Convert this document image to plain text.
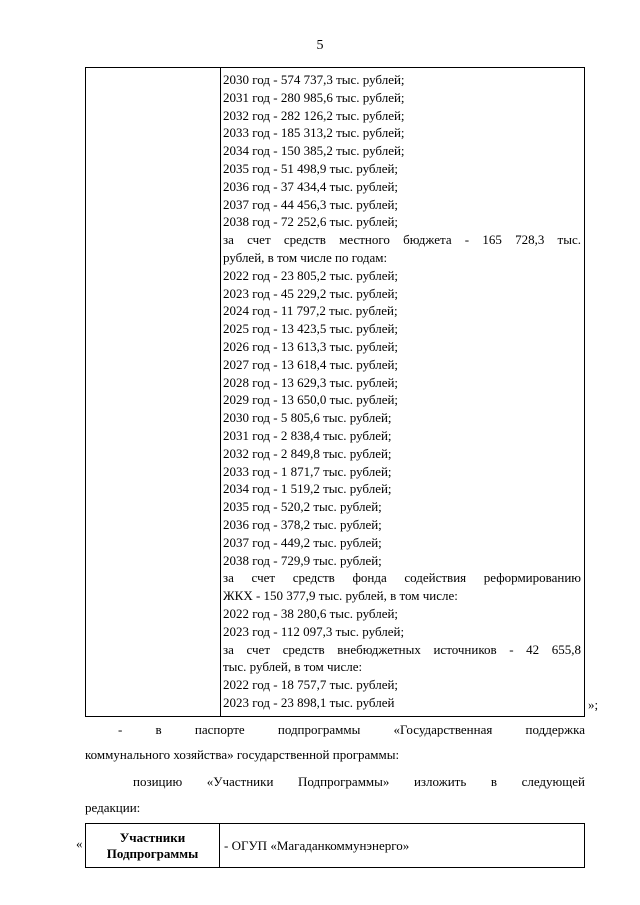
5
2030 год - 574 737,3 тыс. рублей;
2031 год - 280 985,6 тыс. рублей;
2032 год - 282 126,2 тыс. рублей;
2033 год - 185 313,2 тыс. рублей;
2034 год - 150 385,2 тыс. рублей;
2035 год - 51 498,9 тыс. рублей;
2036 год - 37 434,4 тыс. рублей;
2037 год - 44 456,3 тыс. рублей;
2038 год - 72 252,6 тыс. рублей;
за счет средств местного бюджета - 165 728,3 тыс.
рублей, в том числе по годам:
2022 год - 23 805,2 тыс. рублей;
2023 год - 45 229,2 тыс. рублей;
2024 год - 11 797,2 тыс. рублей;
2025 год - 13 423,5 тыс. рублей;
2026 год - 13 613,3 тыс. рублей;
2027 год - 13 618,4 тыс. рублей;
2028 год - 13 629,3 тыс. рублей;
2029 год - 13 650,0 тыс. рублей;
2030 год - 5 805,6 тыс. рублей;
2031 год - 2 838,4 тыс. рублей;
2032 год - 2 849,8 тыс. рублей;
2033 год - 1 871,7 тыс. рублей;
2034 год - 1 519,2 тыс. рублей;
2035 год - 520,2 тыс. рублей;
2036 год - 378,2 тыс. рублей;
2037 год - 449,2 тыс. рублей;
2038 год - 729,9 тыс. рублей;
за счет средств фонда содействия реформированию
ЖКХ - 150 377,9 тыс. рублей, в том числе:
2022 год - 38 280,6 тыс. рублей;
2023 год - 112 097,3 тыс. рублей;
за счет средств внебюджетных источников - 42 655,8
тыс. рублей, в том числе:
2022 год - 18 757,7 тыс. рублей;
2023 год - 23 898,1 тыс. рублей	»;
- в паспорте подпрограммы «Государственная поддержка
коммунального хозяйства» государственной программы:
позицию «Участники Подпрограммы» изложить в следующей
редакции:
«	Участники Подпрограммы
- ОГУП «Магаданкоммунэнерго»
